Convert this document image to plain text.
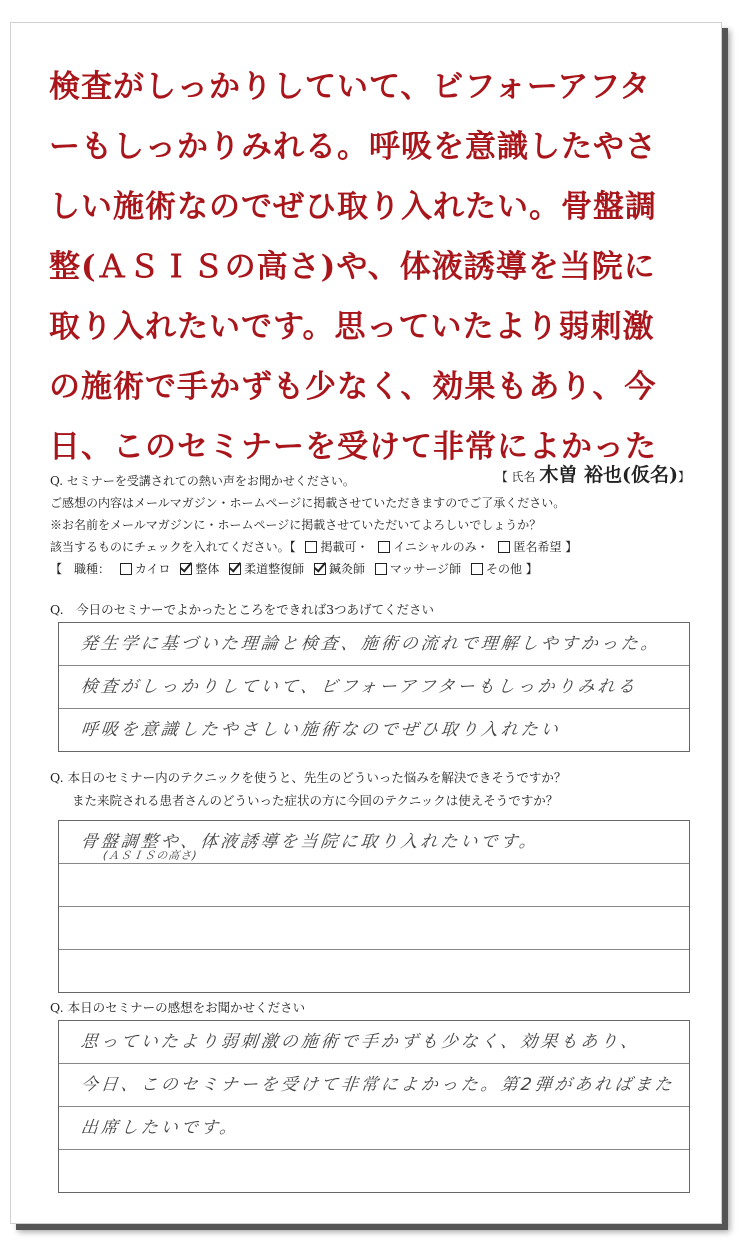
検査がしっかりしていて、ビフォーアフタ
ーもしっかりみれる。呼吸を意識したやさ
しい施術なのでぜひ取り入れたい。骨盤調
整(ＡＳＩＳの高さ)や、体液誘導を当院に
取り入れたいです。思っていたより弱刺激
の施術で手かずも少なく、効果もあり、今
日、このセミナーを受けて非常によかった
Q. セミナーを受講されての熱い声をお聞かせください。	【 氏名 木曽 裕也(仮名)】
ご感想の内容はメールマガジン・ホームページに掲載させていただきますのでご了承ください。
※お名前をメールマガジンに・ホームページに掲載させていただいてよろしいでしょうか？
該当するものにチェックを入れてください。【 掲載可・ イニシャルのみ・ 匿名希望 】
【　職種： カイロ 整体 柔道整復師 鍼灸師 マッサージ師 その他 】
Q.　今日のセミナーでよかったところをできれば3つあげてください
発生学に基づいた理論と検査、施術の流れで理解しやすかった。
検査がしっかりしていて、ビフォーアフターもしっかりみれる
呼吸を意識したやさしい施術なのでぜひ取り入れたい
Q. 本日のセミナー内のテクニックを使うと、先生のどういった悩みを解決できそうですか？
また来院される患者さんのどういった症状の方に今回のテクニックは使えそうですか？
骨盤調整や、体液誘導を当院に取り入れたいです。
(ＡＳＩＳの高さ)
Q. 本日のセミナーの感想をお聞かせください
思っていたより弱刺激の施術で手かずも少なく、効果もあり、
今日、このセミナーを受けて非常によかった。第2弾があればまた
出席したいです。
